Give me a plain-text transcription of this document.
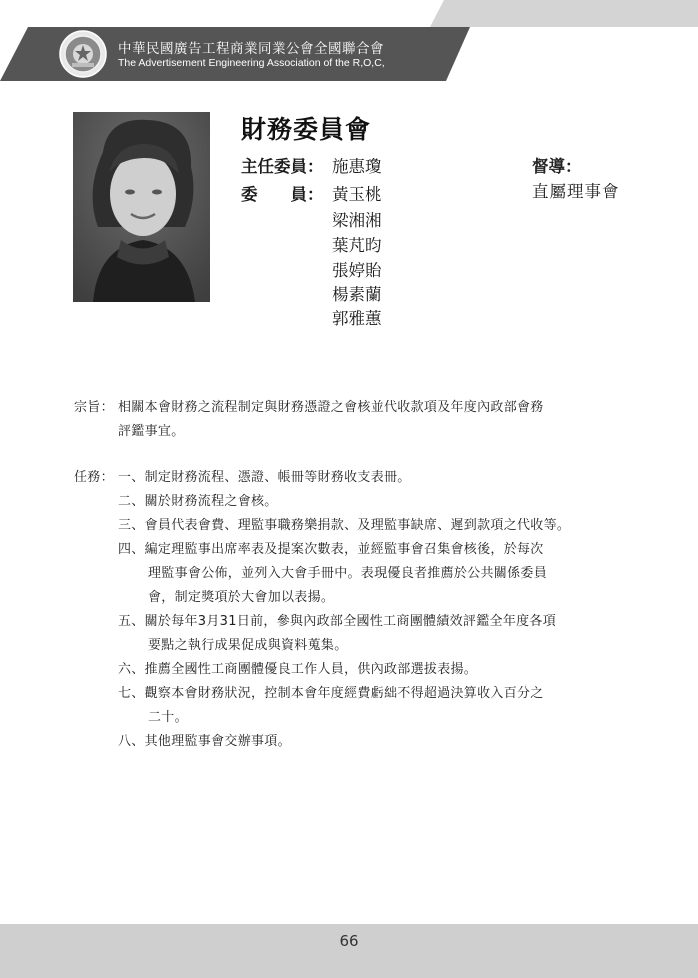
中華民國廣告工程商業同業公會全國聯合會
The Advertisement Engineering Association of the R,O,C,
財務委員會
主任委員： 施惠瓊
委　　員： 黃玉桃
梁湘湘
葉芃昀
張婷貽
楊素蘭
郭雅蕙
督導：
直屬理事會
宗旨： 相關本會財務之流程制定與財務憑證之會核並代收款項及年度內政部會務
評鑑事宜。
任務： 一、制定財務流程、憑證、帳冊等財務收支表冊。
二、關於財務流程之會核。
三、會員代表會費、理監事職務樂捐款、及理監事缺席、遲到款項之代收等。
四、編定理監事出席率表及提案次數表，並經監事會召集會核後，於每次
理監事會公佈，並列入大會手冊中。表現優良者推薦於公共關係委員
會，制定獎項於大會加以表揚。
五、關於每年3月31日前，參與內政部全國性工商團體績效評鑑全年度各項
要點之執行成果促成與資料蒐集。
六、推薦全國性工商團體優良工作人員，供內政部選拔表揚。
七、觀察本會財務狀況，控制本會年度經費虧絀不得超過決算收入百分之
二十。
八、其他理監事會交辦事項。
66
